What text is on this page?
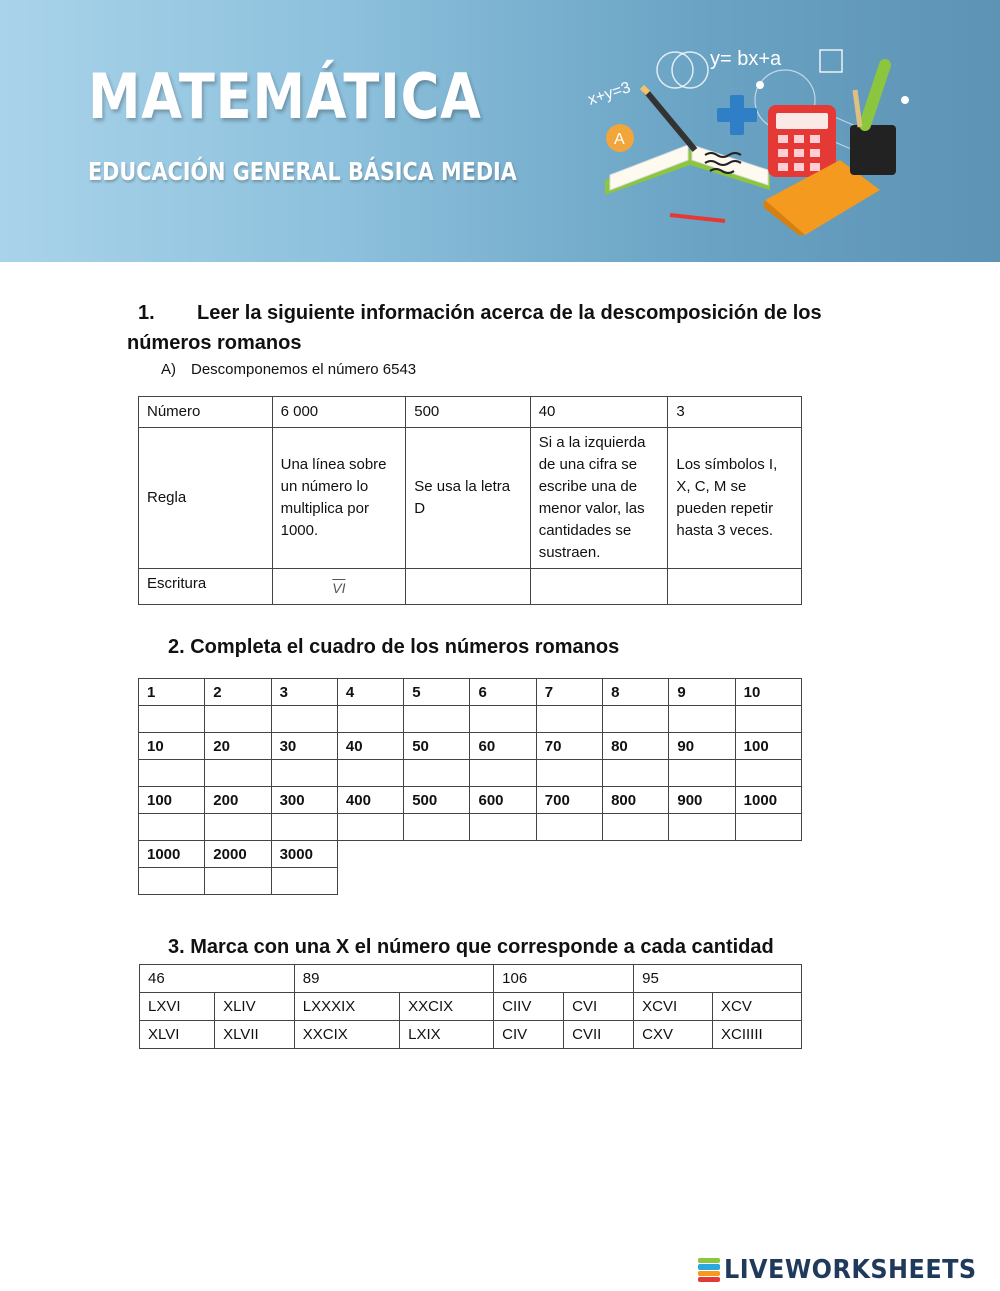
MATEMÁTICA
EDUCACIÓN GENERAL BÁSICA MEDIA
y= bx+a
x+y=3
A
1. Leer la siguiente información acerca de la descomposición de los
números romanos
A) Descomponemos el número 6543
Número	6 000	500	40	3
Regla	Una línea sobre un número lo multiplica por 1000.	Se usa la letra D	Si a la izquierda de una cifra se escribe una de menor valor, las cantidades se sustraen.	Los símbolos I, X, C, M se pueden repetir hasta 3 veces.
Escritura	$\overline{VI}$

2. Completa el cuadro de los números romanos
1	2	3	4	5	6	7	8	9	10

10	20	30	40	50	60	70	80	90	100

100	200	300	400	500	600	700	800	900	1000

1000	2000	3000							

3. Marca con una X el número que corresponde a cada cantidad
46		89		106		95	
LXVI	XLIV	LXXXIX	XXCIX	CIIV	CVI	XCVI	XCV
XLVI	XLVII	XXCIX	LXIX	CIV	CVII	CXV	XCIIIII
LIVEWORKSHEETS
